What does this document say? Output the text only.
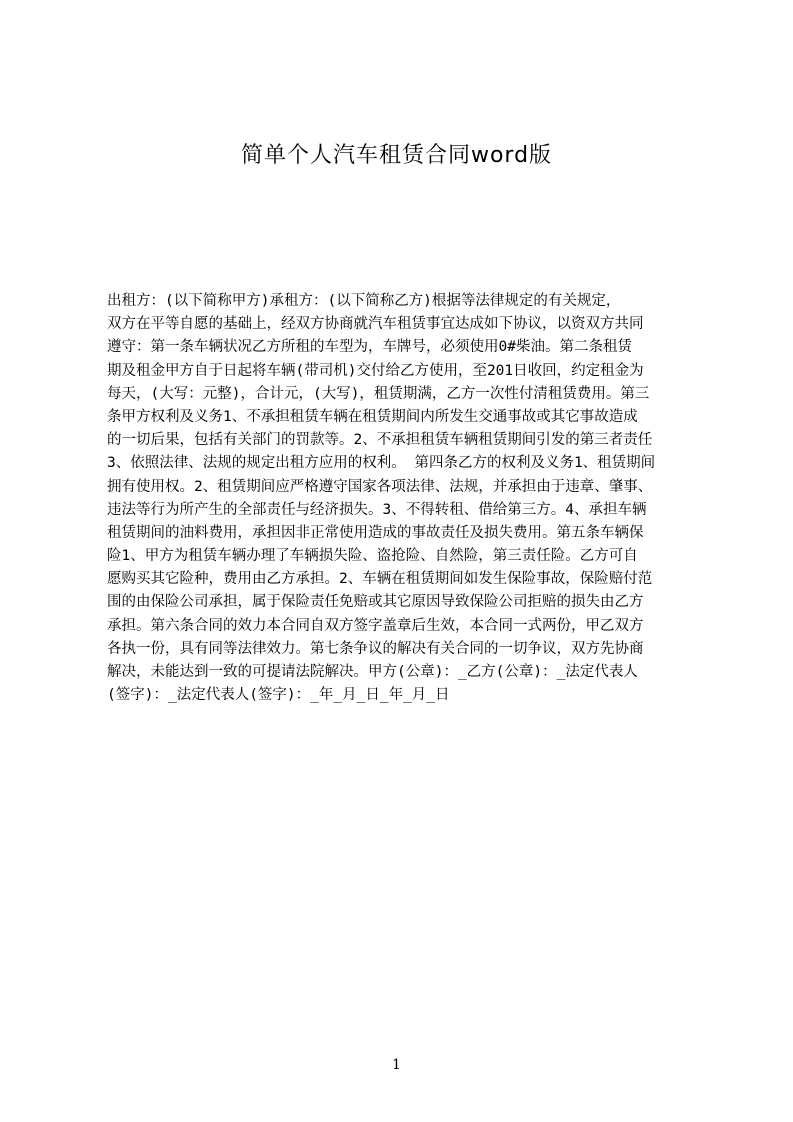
简单个人汽车租赁合同word版
出租方：(以下简称甲方)承租方：(以下简称乙方)根据等法律规定的有关规定，
双方在平等自愿的基础上，经双方协商就汽车租赁事宜达成如下协议，以资双方共同
遵守：第一条车辆状况乙方所租的车型为，车牌号，必须使用0#柴油。第二条租赁
期及租金甲方自于日起将车辆(带司机)交付给乙方使用，至201日收回，约定租金为
每天，(大写：元整)，合计元，(大写)，租赁期满，乙方一次性付清租赁费用。第三
条甲方权利及义务1、不承担租赁车辆在租赁期间内所发生交通事故或其它事故造成
的一切后果，包括有关部门的罚款等。2、不承担租赁车辆租赁期间引发的第三者责任
3、依照法律、法规的规定出租方应用的权利。 第四条乙方的权利及义务1、租赁期间
拥有使用权。2、租赁期间应严格遵守国家各项法律、法规，并承担由于违章、肇事、
违法等行为所产生的全部责任与经济损失。3、不得转租、借给第三方。4、承担车辆
租赁期间的油料费用，承担因非正常使用造成的事故责任及损失费用。第五条车辆保
险1、甲方为租赁车辆办理了车辆损失险、盗抢险、自然险，第三责任险。乙方可自
愿购买其它险种，费用由乙方承担。2、车辆在租赁期间如发生保险事故，保险赔付范
围的由保险公司承担，属于保险责任免赔或其它原因导致保险公司拒赔的损失由乙方
承担。第六条合同的效力本合同自双方签字盖章后生效，本合同一式两份，甲乙双方
各执一份，具有同等法律效力。第七条争议的解决有关合同的一切争议，双方先协商
解决，未能达到一致的可提请法院解决。甲方(公章)：_乙方(公章)：_法定代表人
(签字)：_法定代表人(签字)：_年_月_日_年_月_日
1
